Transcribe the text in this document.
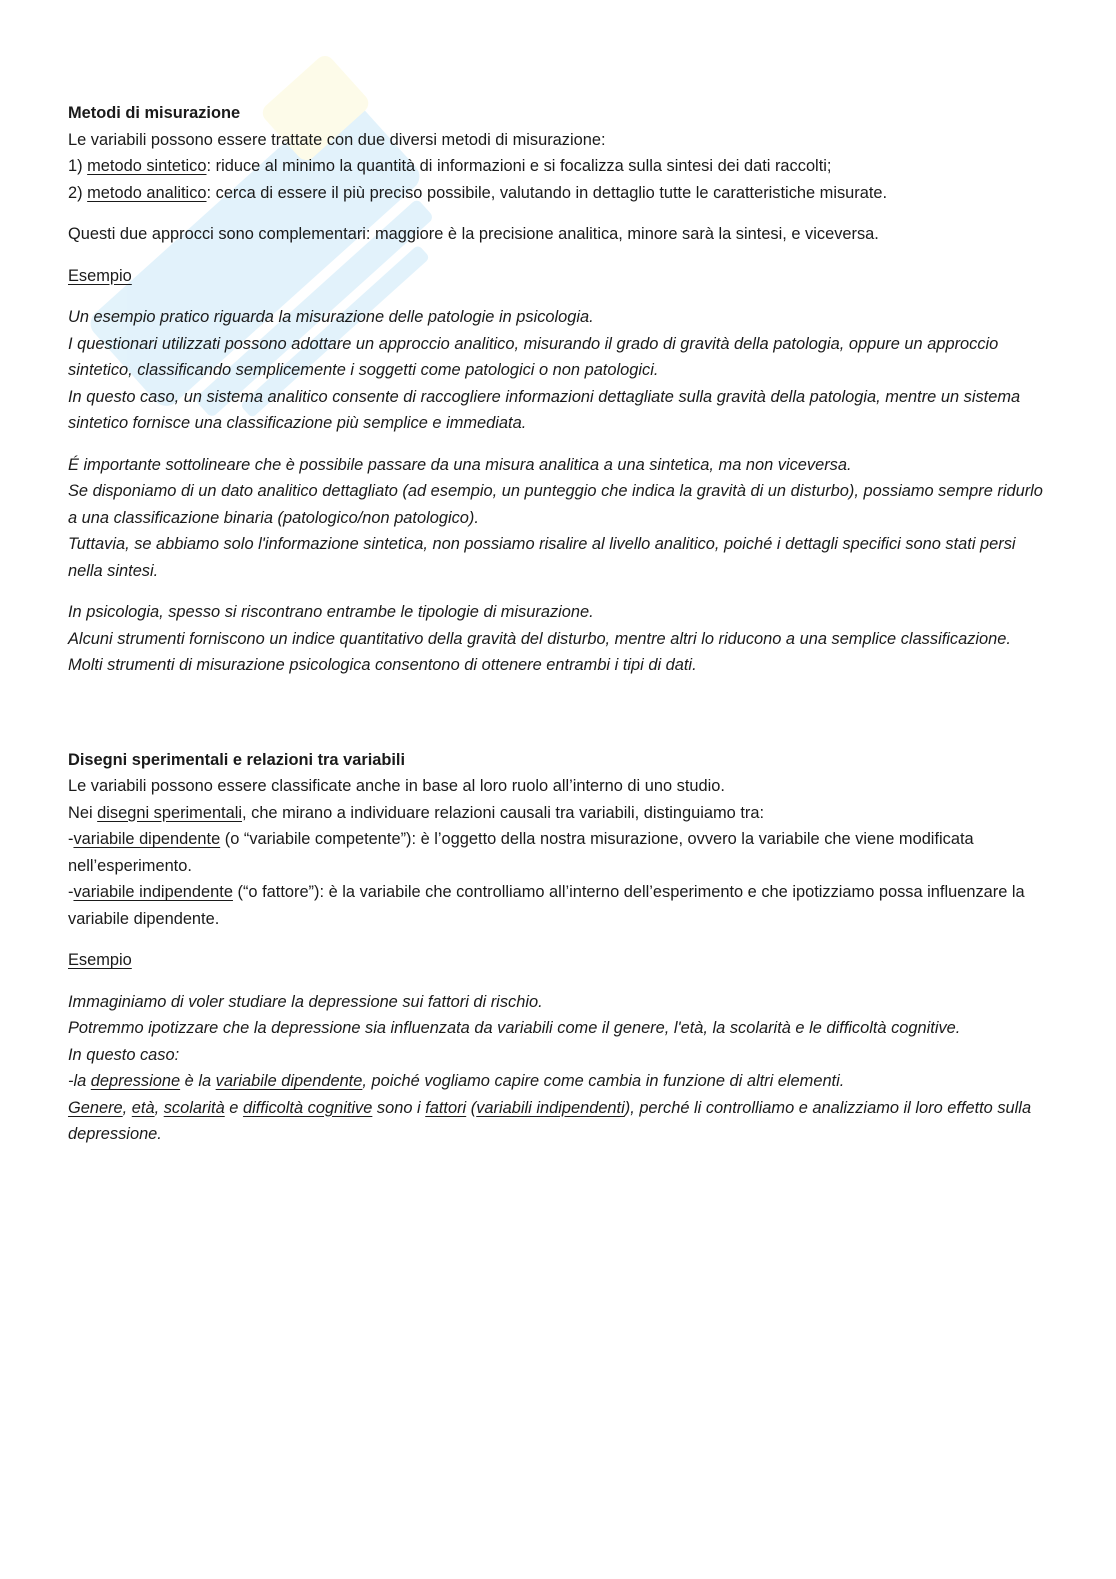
Metodi di misurazione

Le variabili possono essere trattate con due diversi metodi di misurazione:

1) metodo sintetico: riduce al minimo la quantità di informazioni e si focalizza sulla sintesi dei dati raccolti;

2) metodo analitico: cerca di essere il più preciso possibile, valutando in dettaglio tutte le caratteristiche misurate.

Questi due approcci sono complementari: maggiore è la precisione analitica, minore sarà la sintesi, e viceversa.

Esempio

Un esempio pratico riguarda la misurazione delle patologie in psicologia.

I questionari utilizzati possono adottare un approccio analitico, misurando il grado di gravità della patologia, oppure un approccio sintetico, classificando semplicemente i soggetti come patologici o non patologici.

In questo caso, un sistema analitico consente di raccogliere informazioni dettagliate sulla gravità della patologia, mentre un sistema sintetico fornisce una classificazione più semplice e immediata.

É importante sottolineare che è possibile passare da una misura analitica a una sintetica, ma non viceversa.

Se disponiamo di un dato analitico dettagliato (ad esempio, un punteggio che indica la gravità di un disturbo), possiamo sempre ridurlo a una classificazione binaria (patologico/non patologico).

Tuttavia, se abbiamo solo l'informazione sintetica, non possiamo risalire al livello analitico, poiché i dettagli specifici sono stati persi nella sintesi.

In psicologia, spesso si riscontrano entrambe le tipologie di misurazione.

Alcuni strumenti forniscono un indice quantitativo della gravità del disturbo, mentre altri lo riducono a una semplice classificazione.

Molti strumenti di misurazione psicologica consentono di ottenere entrambi i tipi di dati.

Disegni sperimentali e relazioni tra variabili

Le variabili possono essere classificate anche in base al loro ruolo all’interno di uno studio.

Nei disegni sperimentali, che mirano a individuare relazioni causali tra variabili, distinguiamo tra:

-variabile dipendente (o “variabile competente”): è l’oggetto della nostra misurazione, ovvero la variabile che viene modificata nell’esperimento.

-variabile indipendente (“o fattore”): è la variabile che controlliamo all’interno dell’esperimento e che ipotizziamo possa influenzare la variabile dipendente.

Esempio

Immaginiamo di voler studiare la depressione sui fattori di rischio.

Potremmo ipotizzare che la depressione sia influenzata da variabili come il genere, l'età, la scolarità e le difficoltà cognitive.

In questo caso:

-la depressione è la variabile dipendente, poiché vogliamo capire come cambia in funzione di altri elementi.

Genere, età, scolarità e difficoltà cognitive sono i fattori (variabili indipendenti), perché li controlliamo e analizziamo il loro effetto sulla depressione.
